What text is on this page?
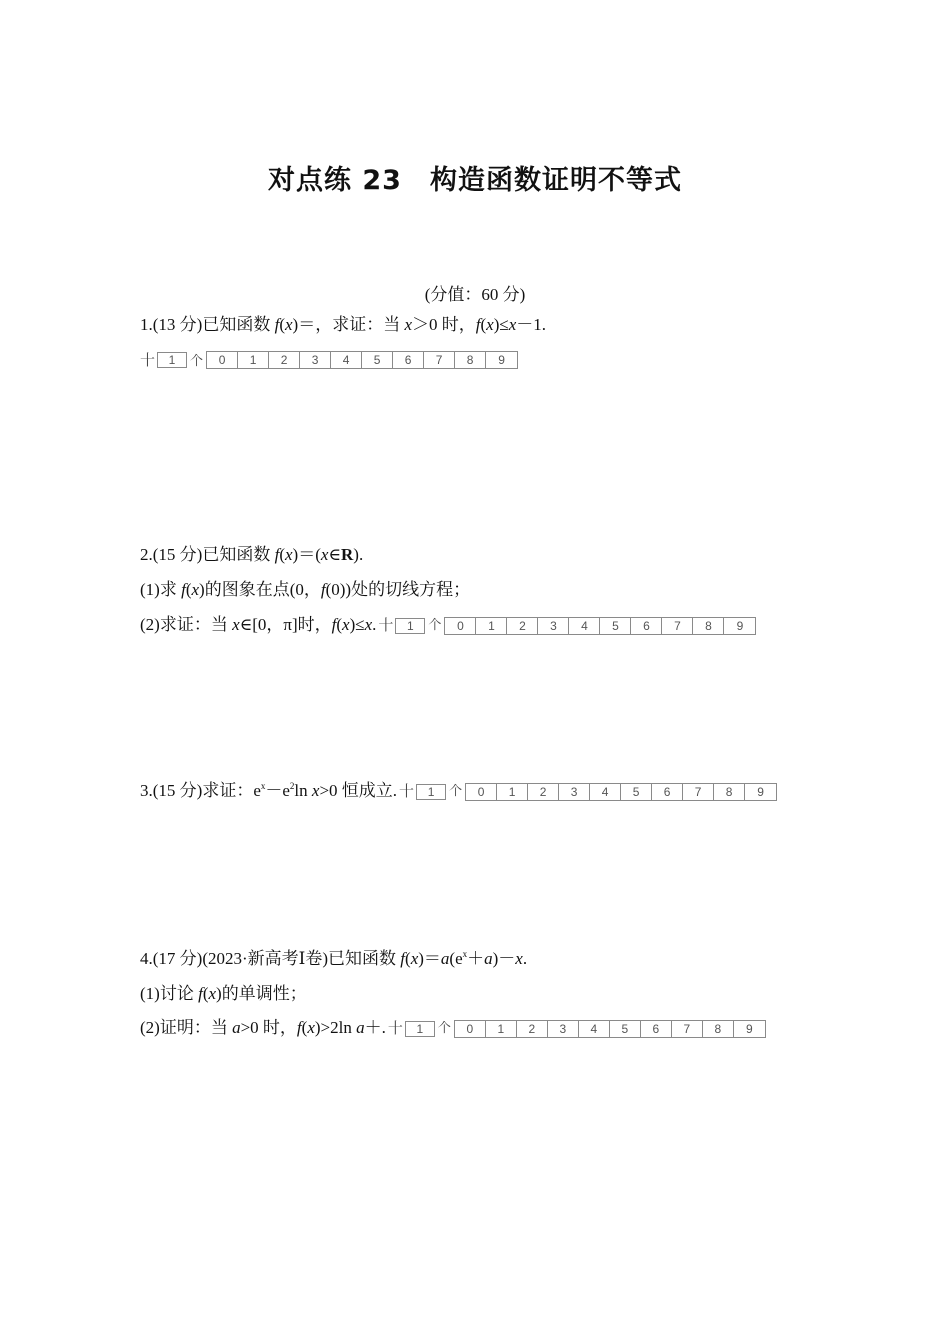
对点练 23 构造函数证明不等式
(分值：60 分)
1.(13 分)已知函数 f(x)＝，求证：当 x＞0 时，f(x)≤x－1.
十	1	个	0	1	2	3	4	5	6	7	8	9
2.(15 分)已知函数 f(x)＝(x∈R).
(1)求 f(x)的图象在点(0，f(0))处的切线方程；
(2)求证：当 x∈[0，π]时，f(x)≤x. 十	1	个	0	1	2	3	4	5	6	7	8	9
3.(15 分)求证：$e^x-e^2\ln$ x>0 恒成立. 十	1	个	0	1	2	3	4	5	6	7	8	9
4.(17 分)(2023·新高考Ⅰ卷)已知函数 $f(x)=a(e^x+a)-x$.
(1)讨论 f(x)的单调性；
(2)证明：当 a>0 时，f(x)>2ln a＋. 十	1	个	0	1	2	3	4	5	6	7	8	9
